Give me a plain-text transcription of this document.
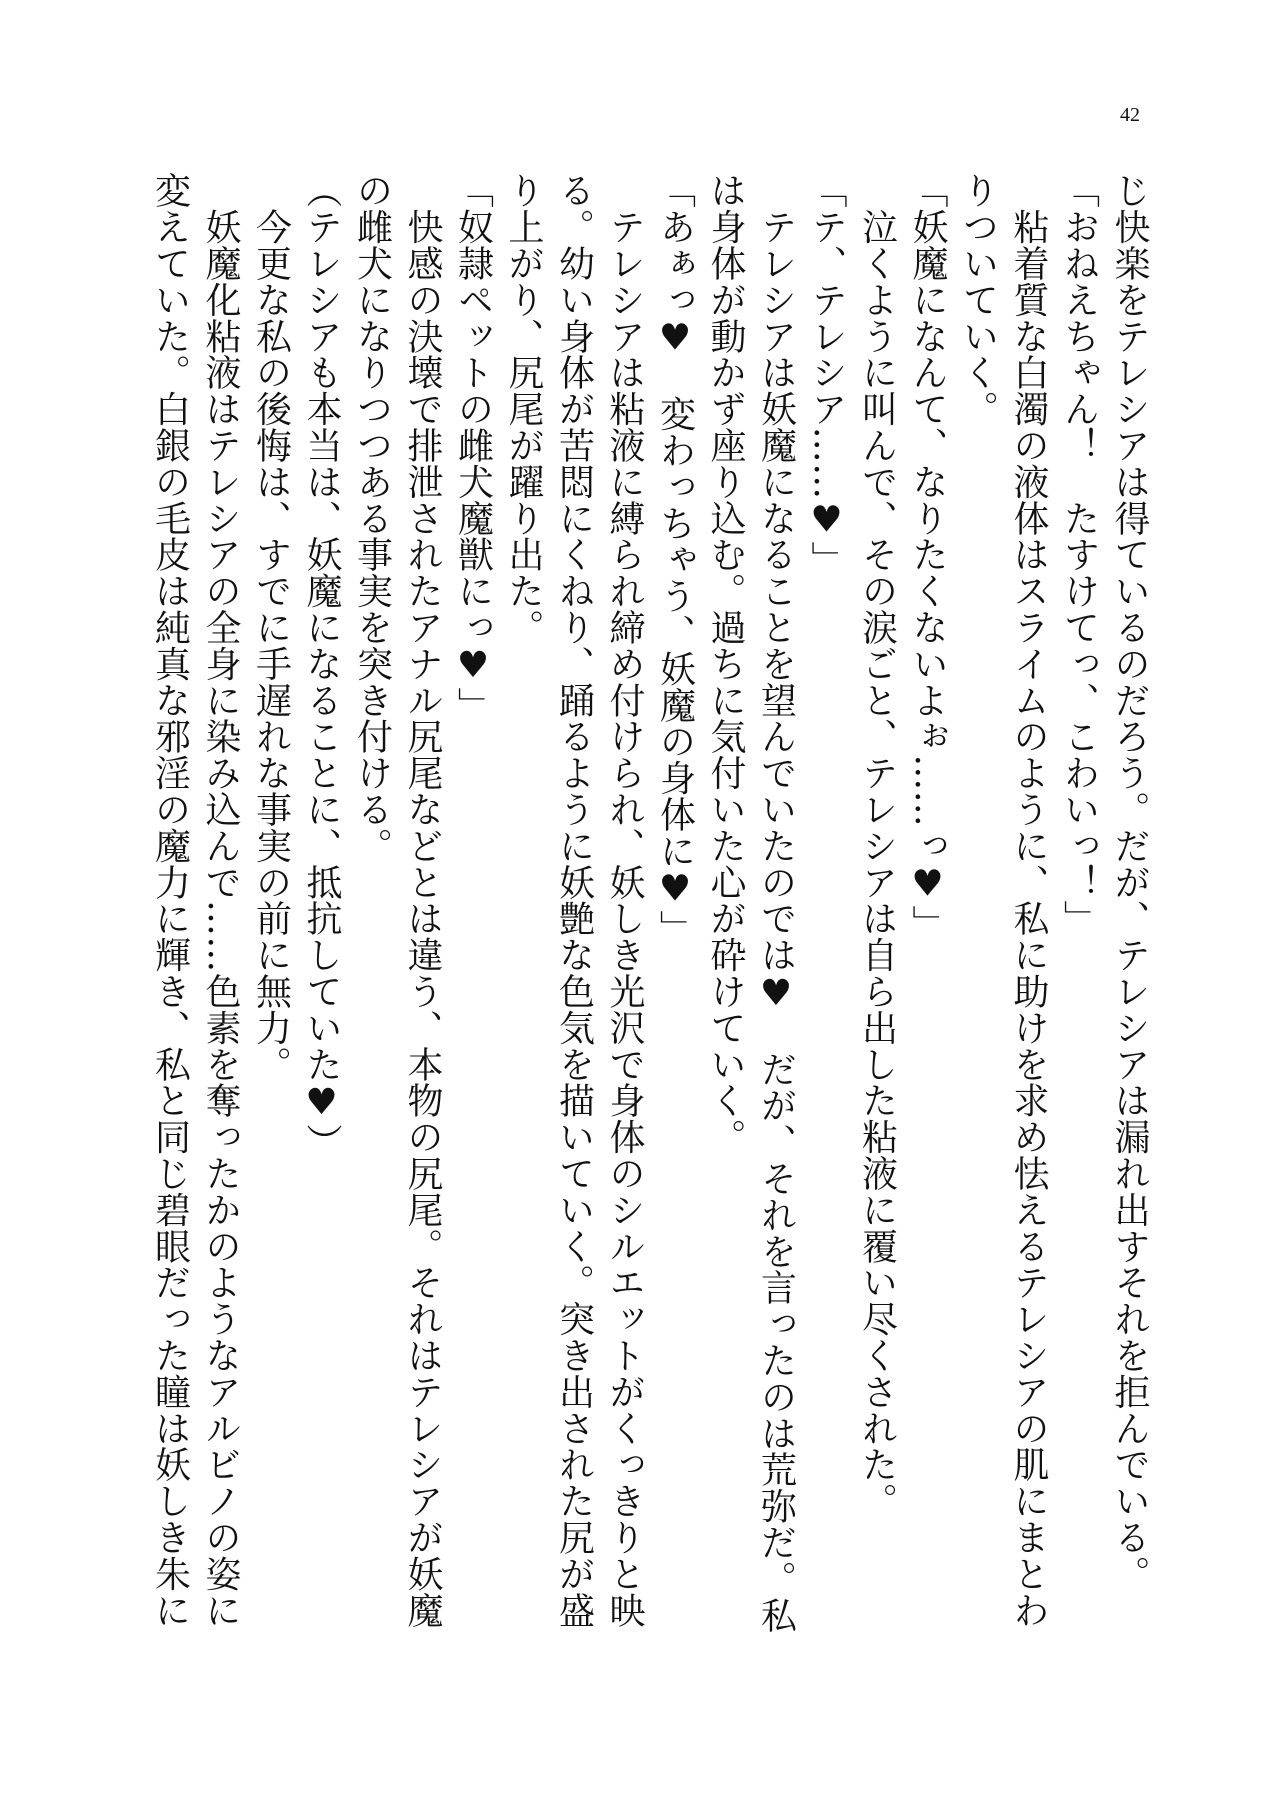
42
じ快楽をテレシアは得ているのだろう。だが、テレシアは漏れ出すそれを拒んでいる。
「おねえちゃん！　たすけてっ、こわいっ！」
　粘着質な白濁の液体はスライムのように、私に助けを求め怯えるテレシアの肌にまとわ
りついていく。
「妖魔になんて、なりたくないよぉ……っ♥」
　泣くように叫んで、その涙ごと、テレシアは自ら出した粘液に覆い尽くされた。
「テ、テレシア……♥」
　テレシアは妖魔になることを望んでいたのでは♥　だが、それを言ったのは荒弥だ。私
は身体が動かず座り込む。過ちに気付いた心が砕けていく。
「あぁっ♥　変わっちゃう、妖魔の身体に♥」
　テレシアは粘液に縛られ締め付けられ、妖しき光沢で身体のシルエットがくっきりと映
る。幼い身体が苦悶にくねり、踊るように妖艶な色気を描いていく。突き出された尻が盛
り上がり、尻尾が躍り出た。
「奴隷ペットの雌犬魔獣にっ♥」
　快感の決壊で排泄されたアナル尻尾などとは違う、本物の尻尾。それはテレシアが妖魔
の雌犬になりつつある事実を突き付ける。
（テレシアも本当は、妖魔になることに、抵抗していた♥）
　今更な私の後悔は、すでに手遅れな事実の前に無力。
　妖魔化粘液はテレシアの全身に染み込んで……色素を奪ったかのようなアルビノの姿に
変えていた。白銀の毛皮は純真な邪淫の魔力に輝き、私と同じ碧眼だった瞳は妖しき朱に
